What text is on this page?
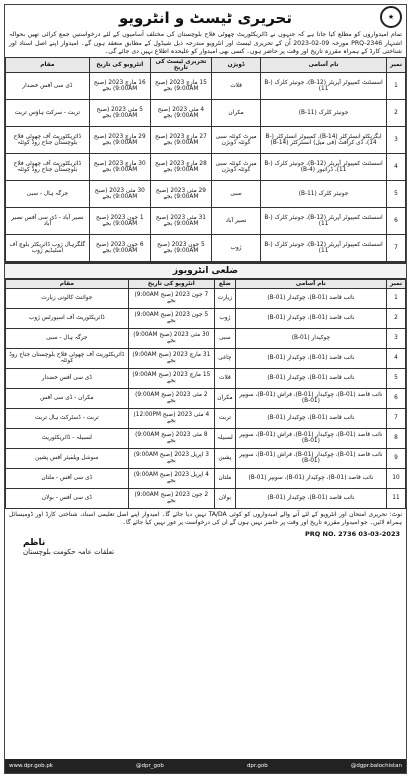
★
تحریری ٹیسٹ و انٹرویو
تمام امیدواروں کو مطلع کیا جاتا ہے کہ جنہوں نے ڈائریکٹوریٹ چھوٹی فلاح بلوچستان کی مختلف آسامیوں کے لئے درخواستیں جمع کرائی تھیں بحوالہ اشتہار PRQ-2346 مورخہ 09-02-2023 اُن کے تحریری ٹیسٹ اور انٹرویو مندرجہ ذیل شیڈول کے مطابق منعقد ہوں گے۔ امیدوار اپنے اصل اسناد اور شناختی کارڈ کے ہمراہ مقررہ تاریخ اور وقت پر حاضر ہوں۔ کسی بھی امیدوار کو علیحدہ اطلاع نہیں دی جائے گی۔
نمبر	نام آسامی	ڈویژن	تحریری ٹیسٹ کی تاریخ	انٹرویو کی تاریخ	مقام
1	اسسٹنٹ کمپیوٹر آپریٹر (B-12)، جونیئر کلرک (B-11)	قلات	15 مارچ 2023 (صبح 9:00AM) بجے	16 مارچ 2023 (صبح 9:00AM) بجے	ڈی سی آفس خضدار
2	جونیئر کلرک (B-11)	مکران	4 مئی 2023 (صبح 9:00AM) بجے	5 مئی 2023 (صبح 9:00AM) بجے	تربت - سرکٹ ہاؤس تربت
3	ایگزیکٹو انسٹرکٹر (B-14)، کمپیوٹر انسٹرکٹر (B-14)، ڈی کرافٹ (فی میل) انسٹرکٹر (B-14)	میرٹ کوئٹہ سبی کوئٹہ ڈویژن	27 مارچ 2023 (صبح 9:00AM) بجے	29 مارچ 2023 (صبح 9:00AM) بجے	ڈائریکٹوریٹ آف چھوٹی فلاح بلوچستان جناح روڈ کوئٹہ
4	اسسٹنٹ کمپیوٹر آپریٹر (B-12)، جونیئر کلرک (B-11)، ڈرائیور (B-4)	میرٹ کوئٹہ سبی کوئٹہ ڈویژن	28 مارچ 2023 (صبح 9:00AM) بجے	30 مارچ 2023 (صبح 9:00AM) بجے	ڈائریکٹوریٹ آف چھوٹی فلاح بلوچستان جناح روڈ کوئٹہ
5	جونیئر کلرک (B-11)	سبی	29 مئی 2023 (صبح 9:00AM) بجے	30 مئی 2023 (صبح 9:00AM) بجے	جرگہ ہال - سبی
6	اسسٹنٹ کمپیوٹر آپریٹر (B-12)، جونیئر کلرک (B-11)	نصیر آباد	31 مئی 2023 (صبح 9:00AM) بجے	1 جون 2023 (صبح 9:00AM) بجے	نصیر آباد - ڈی سی آفس نصیر آباد
7	اسسٹنٹ کمپیوٹر آپریٹر (B-12)، جونیئر کلرک (B-11)	ژوب	5 جون 2023 (صبح 9:00AM) بجے	6 جون 2023 (صبح 9:00AM) بجے	گلگرہال ژوب ڈائریکٹر بلوچ آف اسٹیڈیم ژوب
ضلعی انٹرویوز
نمبر	نام آسامی	ضلع	انٹرویو کی تاریخ	مقام
1	نائب قاصد (B-01)، چوکیدار (B-01)	زیارت	7 جون 2023 (صبح 9:00AM) بجے	جوائنٹ کالونی زیارت
2	نائب قاصد (B-01)، چوکیدار (B-01)	ژوب	5 جون 2023 (صبح 9:00AM) بجے	ڈائریکٹوریٹ آف اسپورٹس ژوب
3	چوکیدار (B-01)	سبی	30 مئی 2023 (صبح 9:00AM) بجے	جرگہ ہال - سبی
4	نائب قاصد (B-01)، چوکیدار (B-01)	چاغی	31 مارچ 2023 (صبح 9:00AM) بجے	ڈائریکٹوریٹ آف چھوٹی فلاح بلوچستان جناح روڈ کوئٹہ
5	نائب قاصد (B-01)، چوکیدار (B-01)	قلات	15 مارچ 2023 (صبح 9:00AM) بجے	ڈی سی آفس خضدار
6	نائب قاصد (B-01)، چوکیدار (B-01)، فراش (B-01)، سویپر (B-01)	مکران	2 مئی 2023 (صبح 9:00AM) بجے	مکران - ڈی سی آفس
7	نائب قاصد (B-01)، چوکیدار (B-01)	تربت	4 مئی 2023 (صبح 12:00PM) بجے	تربت - ڈسٹرکٹ ہال تربت
8	نائب قاصد (B-01)، چوکیدار (B-01)، فراش (B-01)، سویپر (B-01)	لسبیلہ	8 مئی 2023 (صبح 9:00AM) بجے	لسبیلہ - ڈائریکٹوریٹ
9	نائب قاصد (B-01)، چوکیدار (B-01)، فراش (B-01)، سویپر (B-01)	پشین	3 اپریل 2023 (صبح 9:00AM) بجے	سوشل ویلفیئر آفس پشین
10	نائب قاصد (B-01)، چوکیدار (B-01)، سویپر (B-01)	ملتان	4 اپریل 2023 (صبح 9:00AM) بجے	ڈی سی آفس - ملتان
11	نائب قاصد (B-01)، چوکیدار (B-01)	بولان	2 جون 2023 (صبح 9:00AM) بجے	ڈی سی آفس - بولان
نوٹ: تحریری امتحان اور انٹرویو کے لئے آنے والے امیدواروں کو کوئی TA/DA نہیں دیا جائے گا۔ امیدوار اپنے اصل تعلیمی اسناد، شناختی کارڈ اور ڈومیسائل ہمراہ لائیں۔ جو امیدوار مقررہ تاریخ اور وقت پر حاضر نہیں ہوں گے ان کی درخواست پر غور نہیں کیا جائے گا۔
PRQ NO. 2736 03-03-2023
ناظم
تعلقات عامہ حکومت بلوچستان
www.dpr.gob.pk	@dpr_gob	dpr.gob	@dgpr.balochistan
